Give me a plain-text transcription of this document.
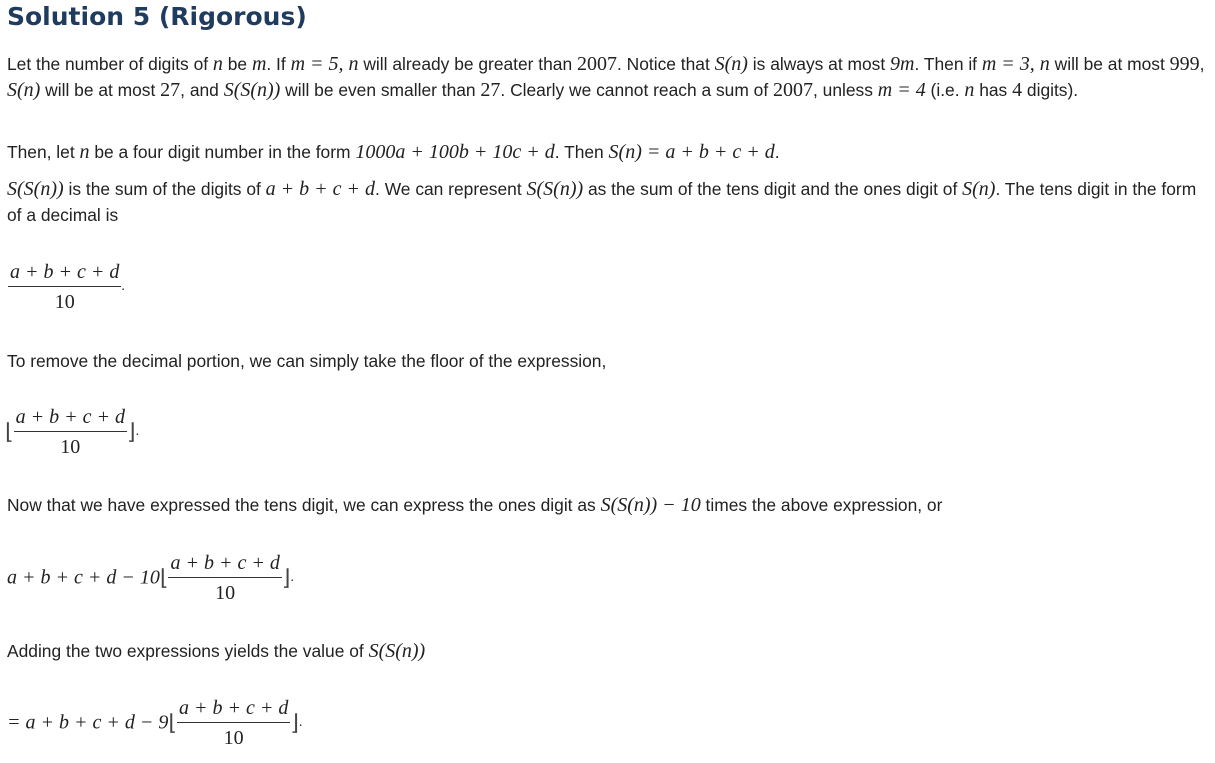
Solution 5 (Rigorous)

Let the number of digits of n be m. If m = 5, n will already be greater than 2007. Notice that S(n) is always at most 9m. Then if m = 3, n will be at most 999, S(n) will be at most 27, and S(S(n)) will be even smaller than 27. Clearly we cannot reach a sum of 2007, unless m = 4 (i.e. n has 4 digits).

Then, let n be a four digit number in the form 1000a + 100b + 10c + d. Then S(n) = a + b + c + d.

S(S(n)) is the sum of the digits of a + b + c + d. We can represent S(S(n)) as the sum of the tens digit and the ones digit of S(n). The tens digit in the form of a decimal is

$\frac{a + b + c + d}{10}$ .

To remove the decimal portion, we can simply take the floor of the expression,

⌊ $\frac{a + b + c + d}{10}$ ⌋.

Now that we have expressed the tens digit, we can express the ones digit as S(S(n)) − 10 times the above expression, or

a + b + c + d − 10⌊ $\frac{a + b + c + d}{10}$ ⌋.

Adding the two expressions yields the value of S(S(n))

= a + b + c + d − 9⌊ $\frac{a + b + c + d}{10}$ ⌋.
